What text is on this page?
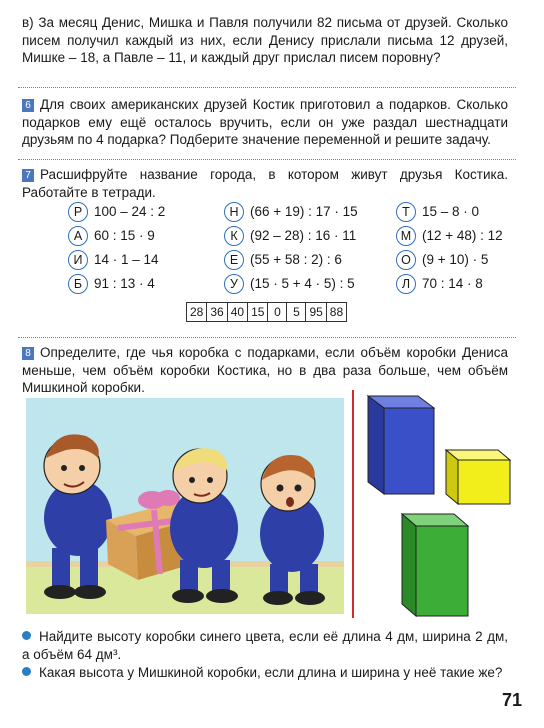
в) За месяц Денис, Мишка и Павля получили 82 письма от друзей. Сколько писем получил каждый из них, если Денису прислали письма 12 друзей, Мишке – 18, а Павле – 11, и каждый друг прислал писем поровну?
6 Для своих американских друзей Костик приготовил a подарков. Сколько подарков ему ещё осталось вручить, если он уже раздал шестнадцати друзьям по 4 подарка? Подберите значение переменной и решите задачу.
7 Расшифруйте название города, в котором живут друзья Костика. Работайте в тетради.
Р 100 – 24 : 2
А 60 : 15 · 9
И 14 · 1 – 14
Б 91 : 13 · 4
Н (66 + 19) : 17 · 15
К (92 – 28) : 16 · 11
Е (55 + 58 : 2) : 6
У (15 · 5 + 4 · 5) : 5
Т 15 – 8 · 0
М (12 + 48) : 12
О (9 + 10) · 5
Л 70 : 14 · 8
28 36 40 15 0	5 95 88
8 Определите, где чья коробка с подарками, если объём коробки Дениса меньше, чем объём коробки Костика, но в два раза больше, чем объём Мишкиной коробки.
Найдите высоту коробки синего цвета, если её длина 4 дм, ширина 2 дм, а объём 64 дм³.
Какая высота у Мишкиной коробки, если длина и ширина у неё такие же?
71
